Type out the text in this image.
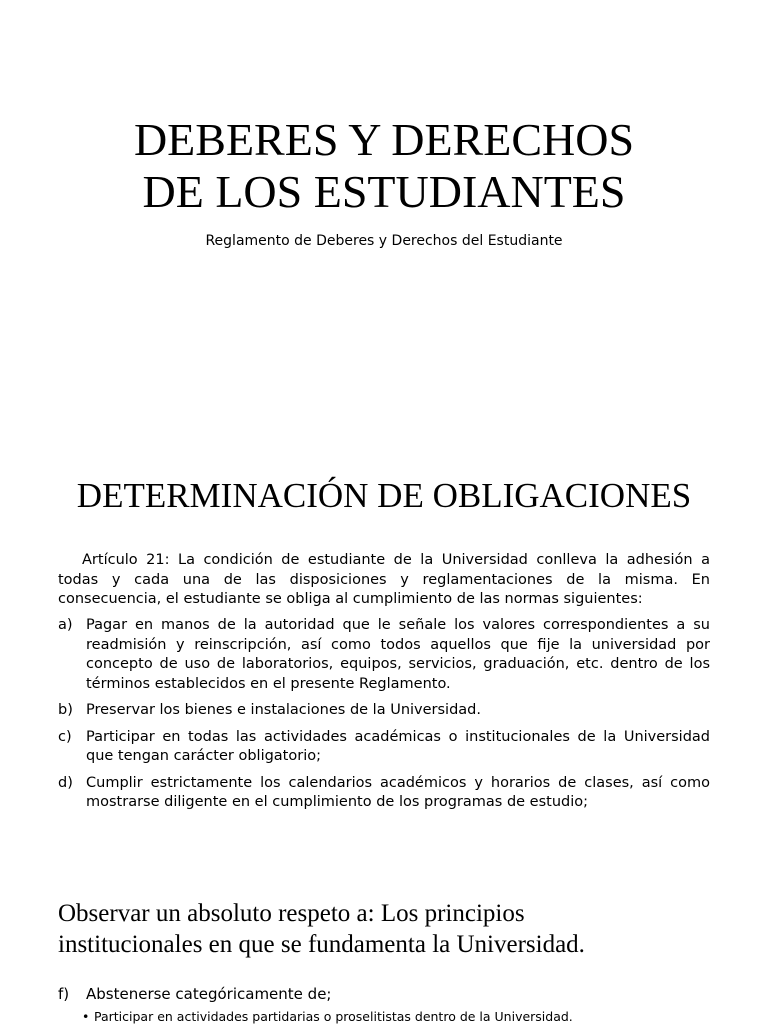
DEBERES Y DERECHOS
DE LOS ESTUDIANTES
Reglamento de Deberes y Derechos del Estudiante
DETERMINACIÓN DE OBLIGACIONES
Artículo 21: La condición de estudiante de la Universidad conlleva la adhesión a
todas y cada una de las disposiciones y reglamentaciones de la misma. En
consecuencia, el estudiante se obliga al cumplimiento de las normas siguientes:
a) Pagar en manos de la autoridad que le señale los valores correspondientes a su
readmisión y reinscripción, así como todos aquellos que fije la universidad por
concepto de uso de laboratorios, equipos, servicios, graduación, etc. dentro de los
términos establecidos en el presente Reglamento.
b) Preservar los bienes e instalaciones de la Universidad.
c) Participar en todas las actividades académicas o institucionales de la Universidad
que tengan carácter obligatorio;
d) Cumplir estrictamente los calendarios académicos y horarios de clases, así como
mostrarse diligente en el cumplimiento de los programas de estudio;
Observar un absoluto respeto a: Los principios
institucionales en que se fundamenta la Universidad.
f) Abstenerse categóricamente de;
• Participar en actividades partidarias o proselitistas dentro de la Universidad.
